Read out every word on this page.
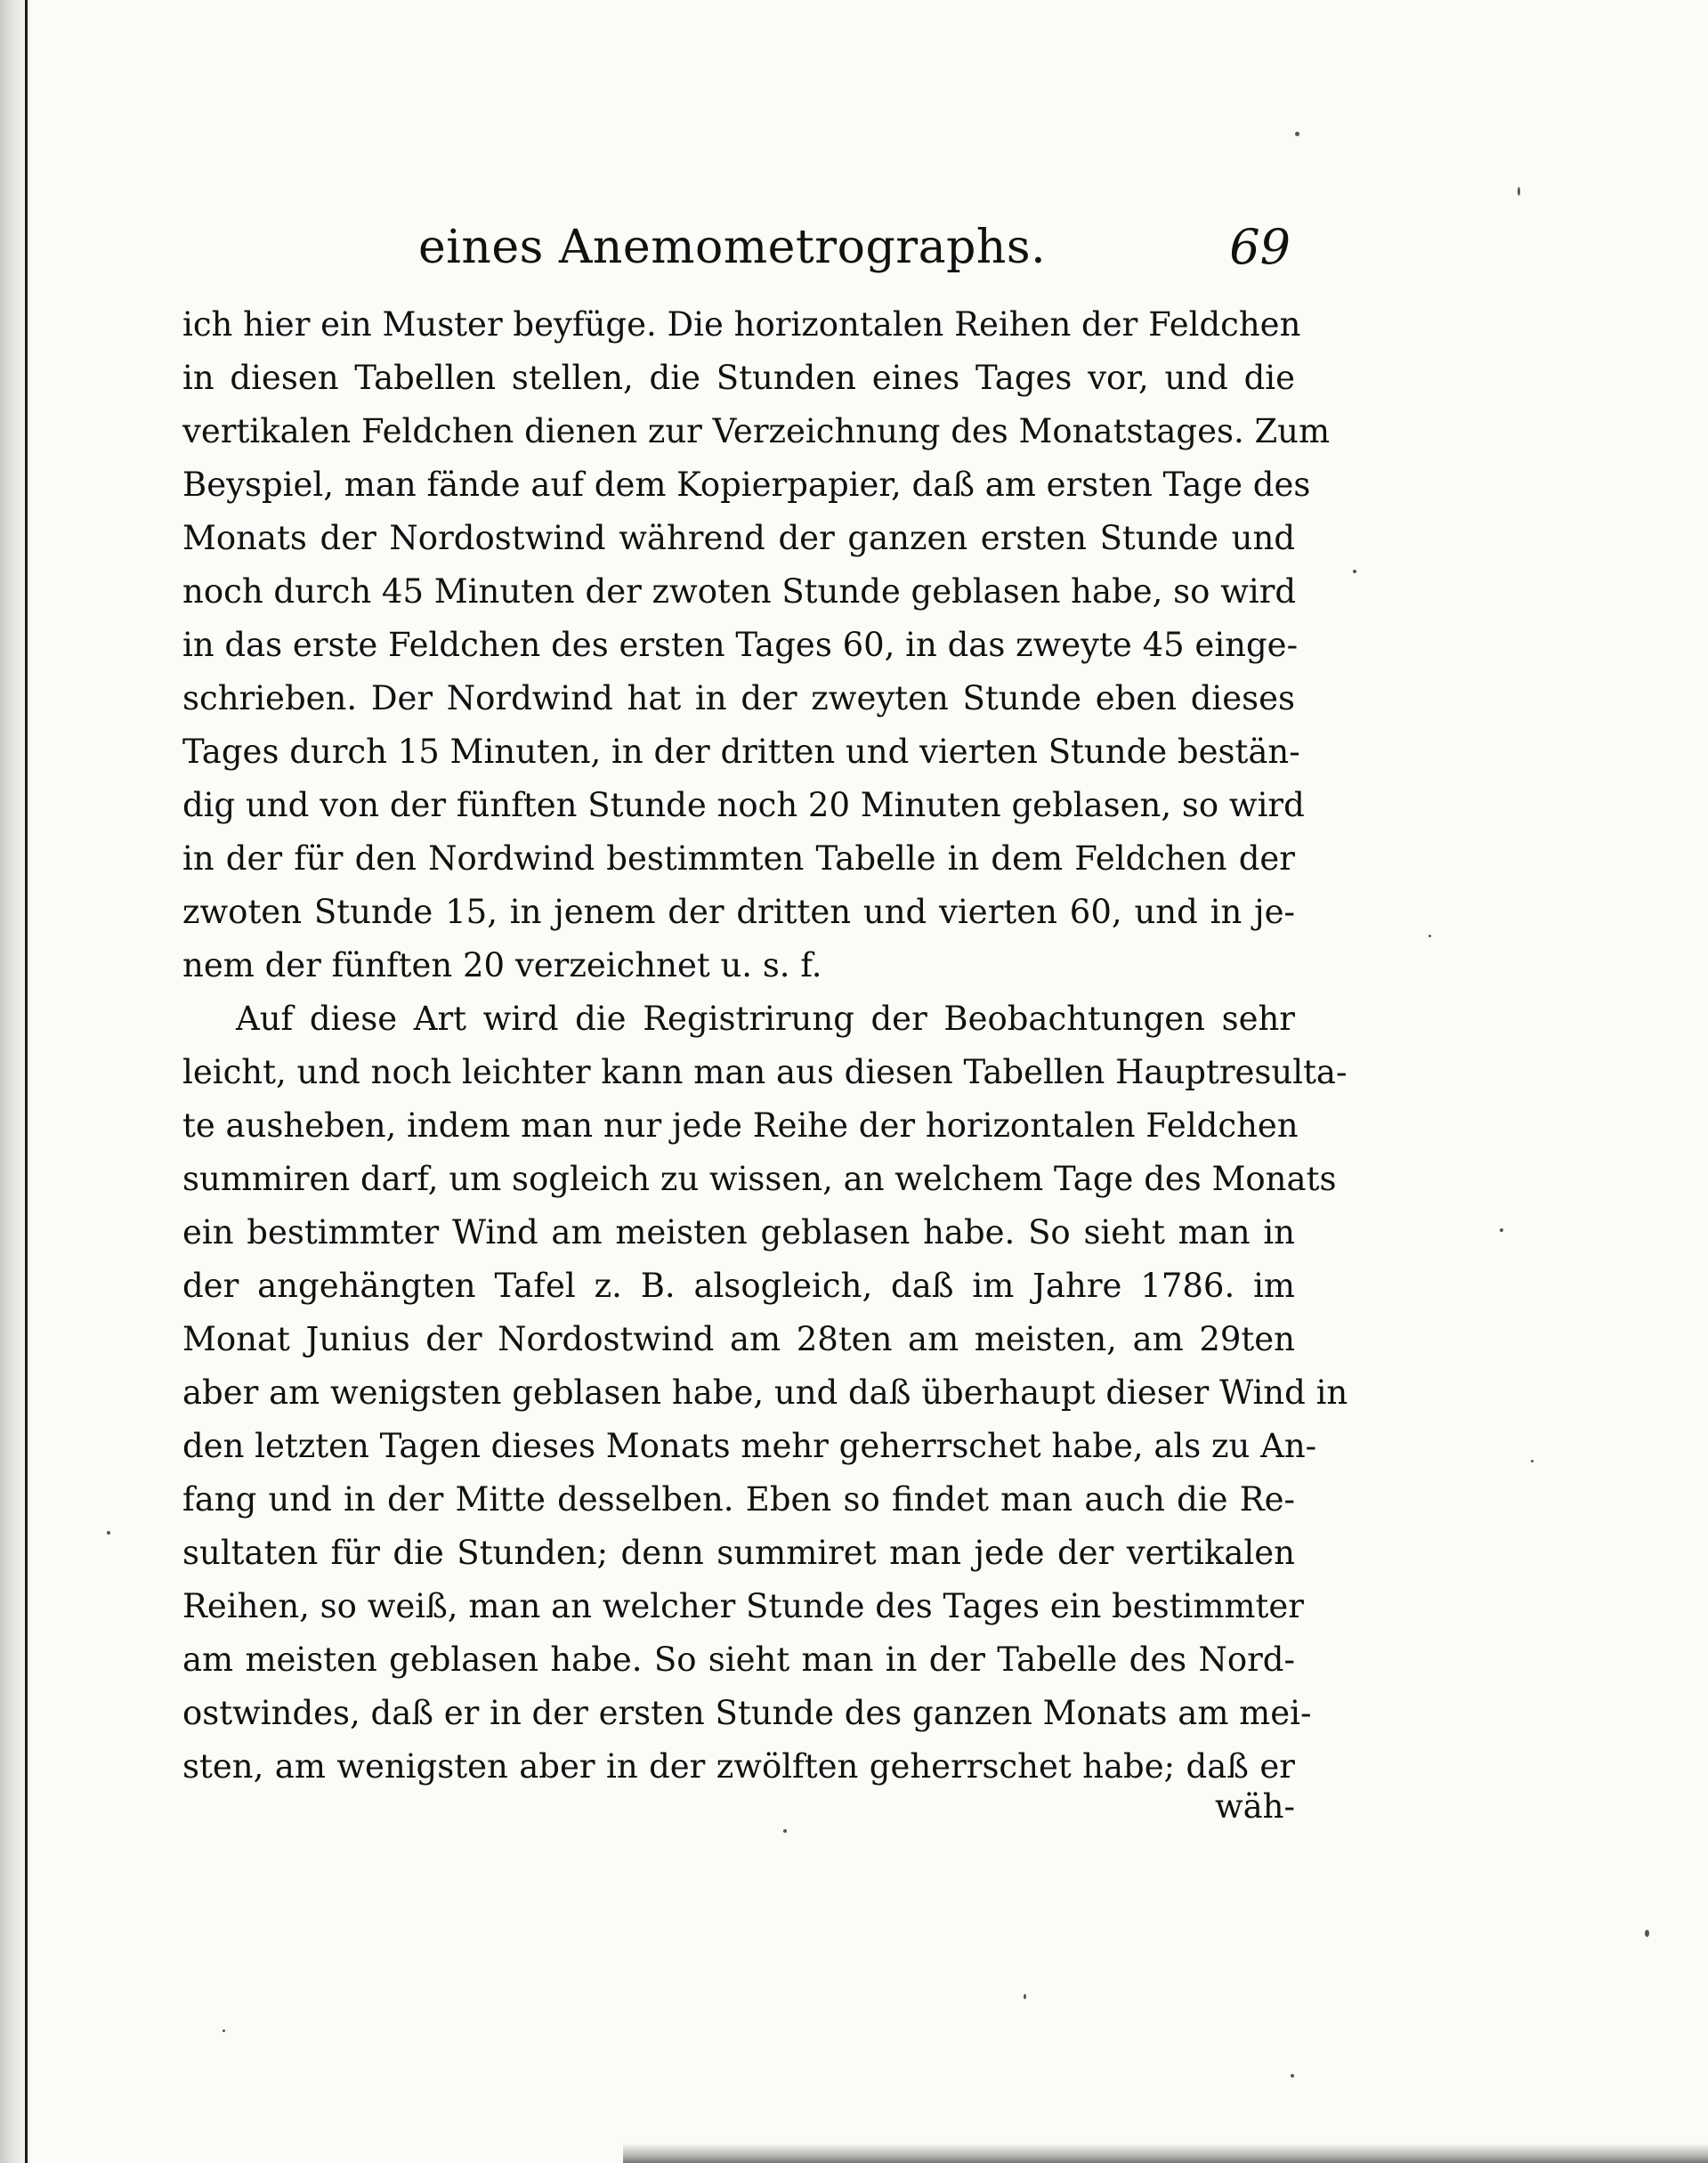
eines Anemometrographs.	69
ich hier ein Muster beyfüge. Die horizontalen Reihen der Feldchen
in diesen Tabellen stellen, die Stunden eines Tages vor, und die
vertikalen Feldchen dienen zur Verzeichnung des Monatstages. Zum
Beyspiel, man fände auf dem Kopierpapier, daß am ersten Tage des
Monats der Nordostwind während der ganzen ersten Stunde und
noch durch 45 Minuten der zwoten Stunde geblasen habe, so wird
in das erste Feldchen des ersten Tages 60, in das zweyte 45 einge-
schrieben. Der Nordwind hat in der zweyten Stunde eben dieses
Tages durch 15 Minuten, in der dritten und vierten Stunde bestän-
dig und von der fünften Stunde noch 20 Minuten geblasen, so wird
in der für den Nordwind bestimmten Tabelle in dem Feldchen der
zwoten Stunde 15, in jenem der dritten und vierten 60, und in je-
nem der fünften 20 verzeichnet u. s. f.
Auf diese Art wird die Registrirung der Beobachtungen sehr
leicht, und noch leichter kann man aus diesen Tabellen Hauptresulta-
te ausheben, indem man nur jede Reihe der horizontalen Feldchen
summiren darf, um sogleich zu wissen, an welchem Tage des Monats
ein bestimmter Wind am meisten geblasen habe. So sieht man in
der angehängten Tafel z. B. alsogleich, daß im Jahre 1786. im
Monat Junius der Nordostwind am 28ten am meisten, am 29ten
aber am wenigsten geblasen habe, und daß überhaupt dieser Wind in
den letzten Tagen dieses Monats mehr geherrschet habe, als zu An-
fang und in der Mitte desselben. Eben so findet man auch die Re-
sultaten für die Stunden; denn summiret man jede der vertikalen
Reihen, so weiß, man an welcher Stunde des Tages ein bestimmter
am meisten geblasen habe. So sieht man in der Tabelle des Nord-
ostwindes, daß er in der ersten Stunde des ganzen Monats am mei-
sten, am wenigsten aber in der zwölften geherrschet habe; daß er
wäh-
